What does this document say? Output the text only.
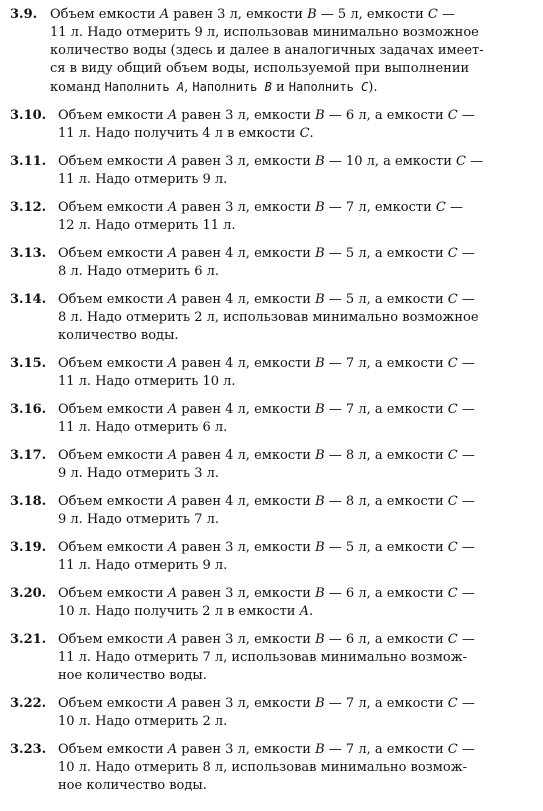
3.9. Объем емкости A равен 3 л, емкости B — 5 л, емкости C —
11 л. Надо отмерить 9 л, использовав минимально возможное
количество воды (здесь и далее в аналогичных задачах имеет-
ся в виду общий объем воды, используемой при выполнении
команд Наполнить A, Наполнить B и Наполнить C).
3.10. Объем емкости A равен 3 л, емкости B — 6 л, а емкости C —
11 л. Надо получить 4 л в емкости C.
3.11. Объем емкости A равен 3 л, емкости B — 10 л, а емкости C —
11 л. Надо отмерить 9 л.
3.12. Объем емкости A равен 3 л, емкости B — 7 л, емкости C —
12 л. Надо отмерить 11 л.
3.13. Объем емкости A равен 4 л, емкости B — 5 л, а емкости C —
8 л. Надо отмерить 6 л.
3.14. Объем емкости A равен 4 л, емкости B — 5 л, а емкости C —
8 л. Надо отмерить 2 л, использовав минимально возможное
количество воды.
3.15. Объем емкости A равен 4 л, емкости B — 7 л, а емкости C —
11 л. Надо отмерить 10 л.
3.16. Объем емкости A равен 4 л, емкости B — 7 л, а емкости C —
11 л. Надо отмерить 6 л.
3.17. Объем емкости A равен 4 л, емкости B — 8 л, а емкости C —
9 л. Надо отмерить 3 л.
3.18. Объем емкости A равен 4 л, емкости B — 8 л, а емкости C —
9 л. Надо отмерить 7 л.
3.19. Объем емкости A равен 3 л, емкости B — 5 л, а емкости C —
11 л. Надо отмерить 9 л.
3.20. Объем емкости A равен 3 л, емкости B — 6 л, а емкости C —
10 л. Надо получить 2 л в емкости A.
3.21. Объем емкости A равен 3 л, емкости B — 6 л, а емкости C —
11 л. Надо отмерить 7 л, использовав минимально возмож-
ное количество воды.
3.22. Объем емкости A равен 3 л, емкости B — 7 л, а емкости C —
10 л. Надо отмерить 2 л.
3.23. Объем емкости A равен 3 л, емкости B — 7 л, а емкости C —
10 л. Надо отмерить 8 л, использовав минимально возмож-
ное количество воды.
